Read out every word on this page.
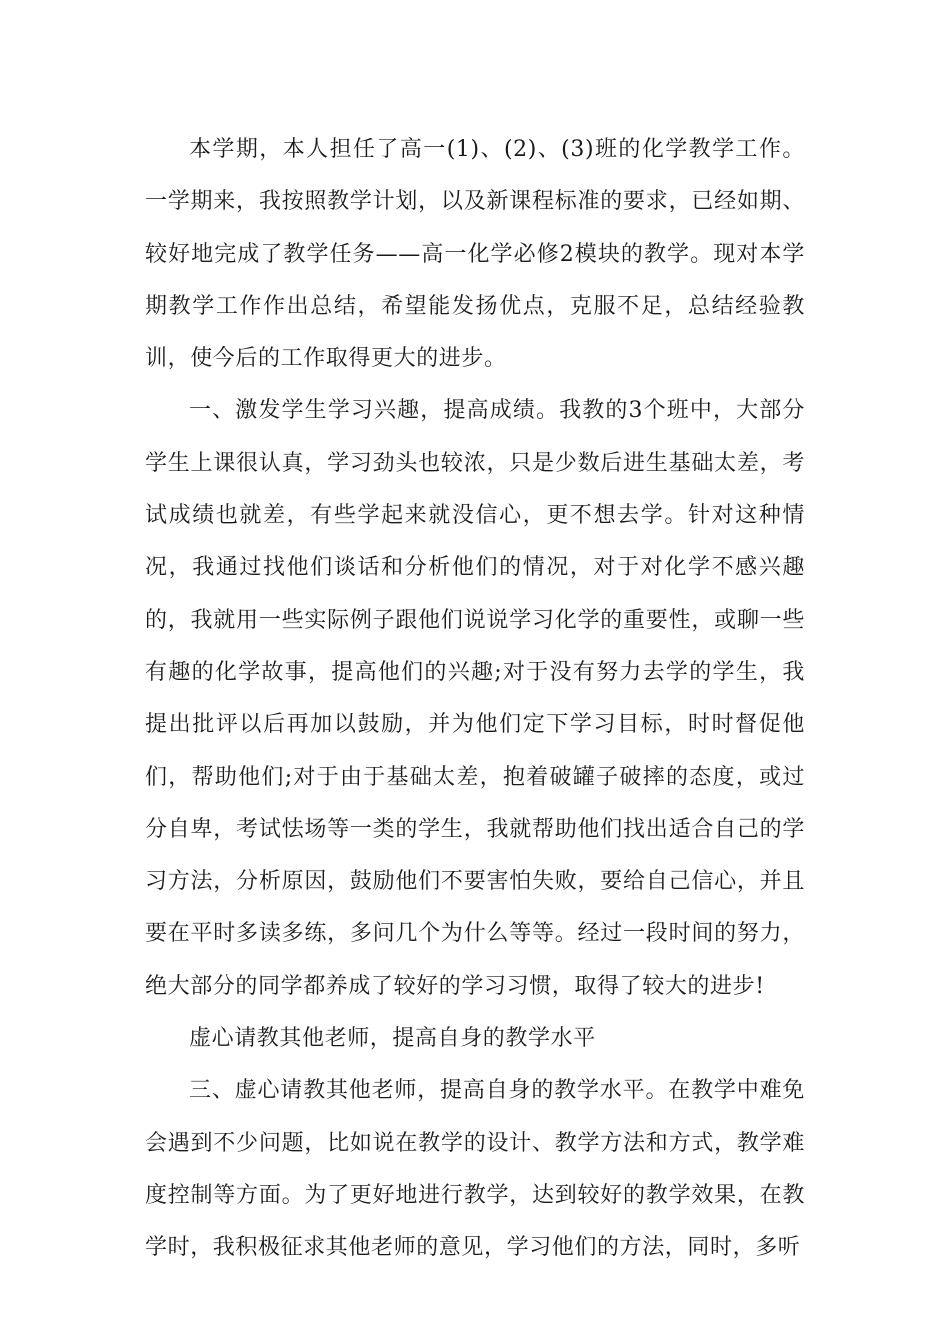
本学期，本人担任了高一(1)、(2)、(3)班的化学教学工作。一学期来，我按照教学计划，以及新课程标准的要求，已经如期、较好地完成了教学任务——高一化学必修2模块的教学。现对本学期教学工作作出总结，希望能发扬优点，克服不足，总结经验教训，使今后的工作取得更大的进步。

一、激发学生学习兴趣，提高成绩。我教的3个班中，大部分学生上课很认真，学习劲头也较浓，只是少数后进生基础太差，考试成绩也就差，有些学起来就没信心，更不想去学。针对这种情况，我通过找他们谈话和分析他们的情况，对于对化学不感兴趣的，我就用一些实际例子跟他们说说学习化学的重要性，或聊一些有趣的化学故事，提高他们的兴趣;对于没有努力去学的学生，我提出批评以后再加以鼓励，并为他们定下学习目标，时时督促他们，帮助他们;对于由于基础太差，抱着破罐子破摔的态度，或过分自卑，考试怯场等一类的学生，我就帮助他们找出适合自己的学习方法，分析原因，鼓励他们不要害怕失败，要给自己信心，并且要在平时多读多练，多问几个为什么等等。经过一段时间的努力，绝大部分的同学都养成了较好的学习习惯，取得了较大的进步!

虚心请教其他老师，提高自身的教学水平

三、虚心请教其他老师，提高自身的教学水平。在教学中难免会遇到不少问题，比如说在教学的设计、教学方法和方式，教学难度控制等方面。为了更好地进行教学，达到较好的教学效果，在教学时，我积极征求其他老师的意见，学习他们的方法，同时，多听
